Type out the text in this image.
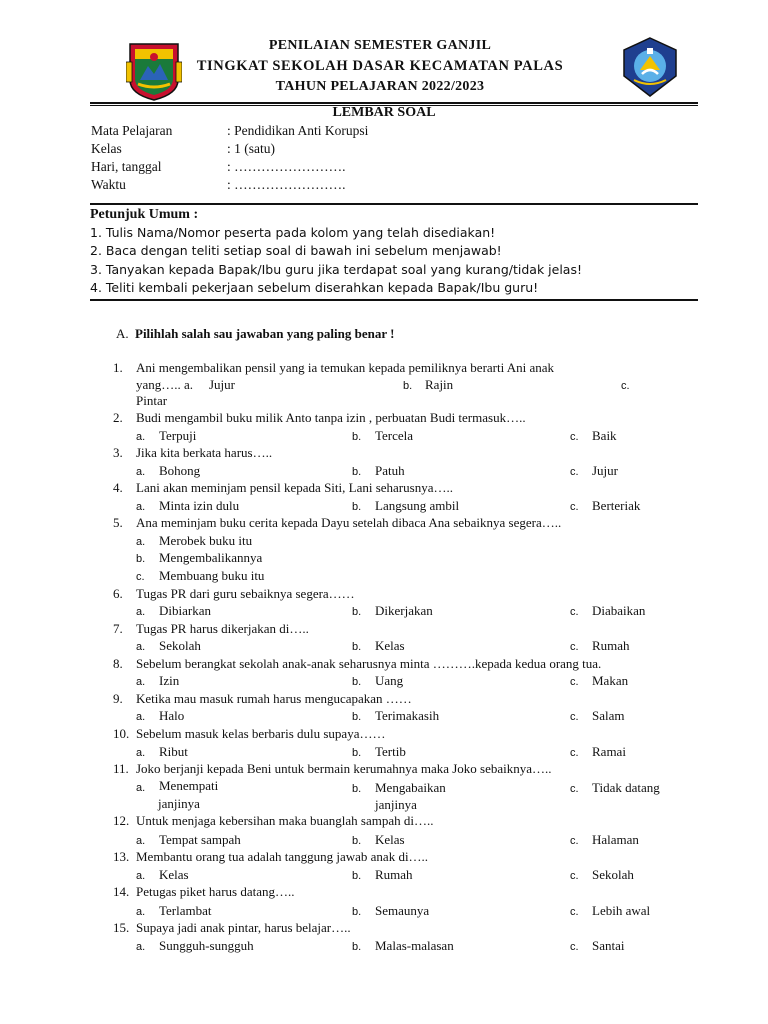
PENILAIAN SEMESTER GANJIL
TINGKAT SEKOLAH DASAR KECAMATAN PALAS
TAHUN PELAJARAN 2022/2023
LEMBAR SOAL
Mata Pelajaran	: Pendidikan Anti Korupsi
Kelas	: 1 (satu)
Hari, tanggal	: …………………….
Waktu	: …………………….
Petunjuk Umum :
1. Tulis Nama/Nomor peserta pada kolom yang telah disediakan!
2. Baca dengan teliti setiap soal di bawah ini sebelum menjawab!
3. Tanyakan kepada Bapak/Ibu guru jika terdapat soal yang kurang/tidak jelas!
4. Teliti kembali pekerjaan sebelum diserahkan kepada Bapak/Ibu guru!
A. Pilihlah salah sau jawaban yang paling benar !
1. Ani mengembalikan pensil yang ia temukan kepada pemiliknya berarti Ani anak
yang….. a. Jujur	b. Rajin	c.
Pintar
2. Budi mengambil buku milik Anto tanpa izin , perbuatan Budi termasuk…..
a. Terpuji	b. Tercela	c. Baik
3. Jika kita berkata harus…..
a. Bohong	b. Patuh	c. Jujur
4. Lani akan meminjam pensil kepada Siti, Lani seharusnya…..
a. Minta izin dulu	b. Langsung ambil	c. Berteriak
5. Ana meminjam buku cerita kepada Dayu setelah dibaca Ana sebaiknya segera…..
a. Merobek buku itu
b. Mengembalikannya
c. Membuang buku itu
6. Tugas PR dari guru sebaiknya segera……
a. Dibiarkan	b. Dikerjakan	c. Diabaikan
7. Tugas PR harus dikerjakan di…..
a. Sekolah	b. Kelas	c. Rumah
8. Sebelum berangkat sekolah anak-anak seharusnya minta ……….kepada kedua orang tua.
a. Izin	b. Uang	c. Makan
9. Ketika mau masuk rumah harus mengucapakan ……
a. Halo	b. Terimakasih	c. Salam
10. Sebelum masuk kelas berbaris dulu supaya……
a. Ribut	b. Tertib	c. Ramai
11. Joko berjanji kepada Beni untuk bermain kerumahnya maka Joko sebaiknya…..
a. Menempati
janjinya
b. Mengabaikan
janjinya
c. Tidak datang
12. Untuk menjaga kebersihan maka buanglah sampah di…..
a. Tempat sampah	b. Kelas	c. Halaman
13. Membantu orang tua adalah tanggung jawab anak di…..
a. Kelas	b. Rumah	c. Sekolah
14. Petugas piket harus datang…..
a. Terlambat	b. Semaunya	c. Lebih awal
15. Supaya jadi anak pintar, harus belajar…..
a. Sungguh-sungguh	b. Malas-malasan	c. Santai
